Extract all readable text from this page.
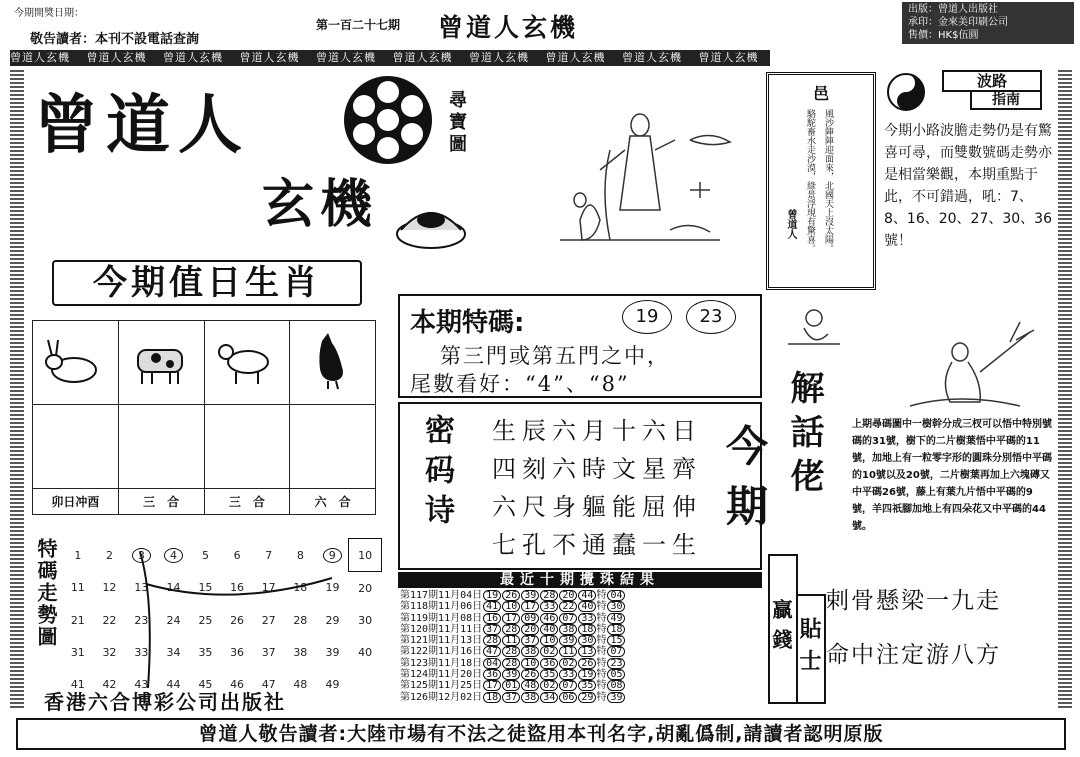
今期開獎日期：
敬告讀者：本刊不設電話查詢
第一百二十七期 曾道人玄機
出版：曾道人出版社
承印：金來美印刷公司
售價：HK$伍圓
曾道人玄機　 曾道人玄機　 曾道人玄機　 曾道人玄機　 曾道人玄機　 曾道人玄機　 曾道人玄機　 曾道人玄機　 曾道人玄機　 曾道人玄機
曾道人
玄機
尋寶圖	邑
風沙陣陣迎面來，北國天上沒太陽。
駱駝畜水走沙漠，綠景浮現有驚喜。
曾道人
波路
指南
今期小路波膽走勢仍是有驚喜可尋，而雙數號碼走勢亦是相當樂觀，本期重點于此，不可錯過，吼：7、8、16、20、27、30、36號！
今期值日生肖

卯日冲酉	三　合	三　合	六　合
本期特碼:	19	23
第三門或第五門之中，
尾數看好：“4”、“8”
密码诗 生辰六月十六日
四刻六時文星齊
六尺身軀能屈伸
七孔不通蠢一生
今期 解話佬	上期尋碼圖中一樹幹分成三杈可以悟中特別號碼的31號，樹下的二片樹葉悟中平碼的11號，加地上有一粒零字形的圓珠分別悟中平碼的10號以及20號，二片樹葉再加上六塊磚又中平碼26號，藤上有葉九片悟中平碼的9號，羊四祇腳加地上有四朵花又中平碼的44號。
特碼走勢圖 1	2	3	4	5	6	7	8	9	10
11	12	13	14	15	16	17	18	19	20
21	22	23	24	25	26	27	28	29	30
31	32	33	34	35	36	37	38	39	40
41	42	43	44	45	46	47	48	49	
最近十期攪珠結果
第117期11月04日 19 26 39 28 20 44 特 04
第118期11月06日 41 10 17 33 22 40 特 30
第119期11月08日 16 17 09 46 07 33 特 49
第120期11月11日 37 28 20 40 38 18 特 18
第121期11月13日 28 11 37 10 39 30 特 15
第122期11月16日 47 28 38 02 11 13 特 07
第123期11月18日 04 28 10 36 02 26 特 23
第124期11月20日 36 39 26 35 33 19 特 05
第125期11月25日 17 01 48 02 07 35 特 08
第126期12月02日 18 37 38 34 06 29 特 39
贏錢 貼士
剌骨懸梁一九走
命中注定游八方
香港六合博彩公司出版社
曾道人敬告讀者:大陸市場有不法之徒盜用本刊名字,胡亂僞制,請讀者認明原版
